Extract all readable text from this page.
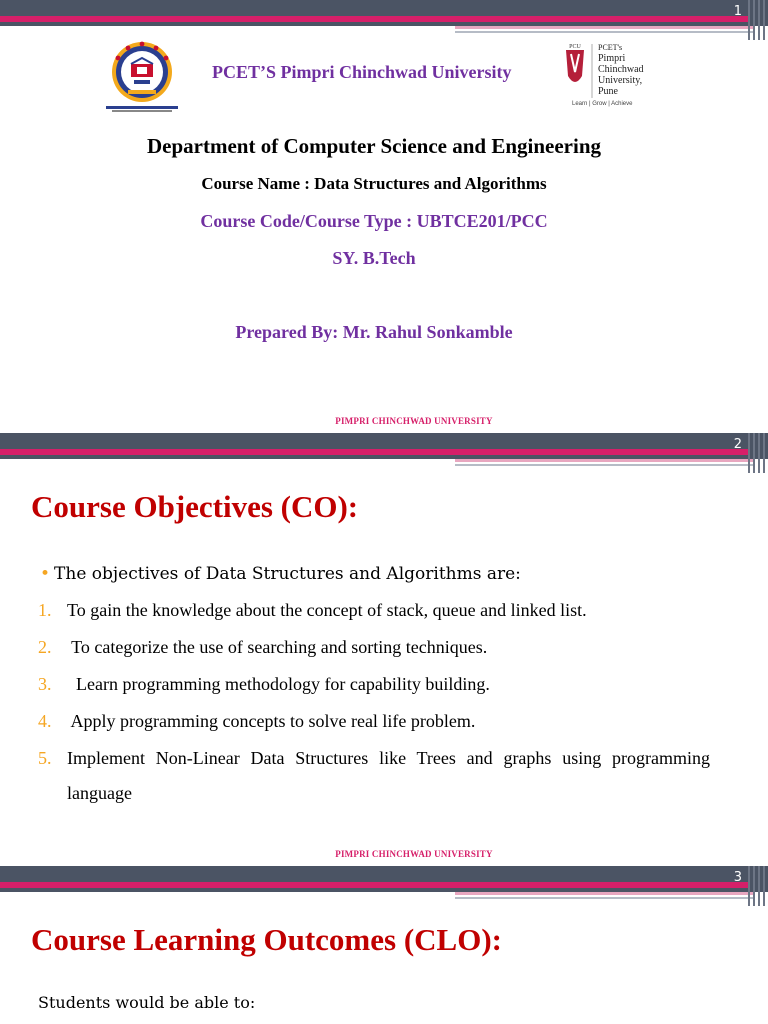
1
PCET’S Pimpri Chinchwad University
PCU	PCET's
Pimpri
Chinchwad
University, Pune
Learn | Grow | Achieve
Department of Computer Science and Engineering
Course Name : Data Structures and Algorithms
Course Code/Course Type : UBTCE201/PCC
SY. B.Tech
Prepared By: Mr. Rahul Sonkamble
PIMPRI CHINCHWAD UNIVERSITY
2
Course Objectives (CO):
• The objectives of Data Structures and Algorithms are:
1. To gain the knowledge about the concept of stack, queue and linked list.
2. To categorize the use of searching and sorting techniques.
3. Learn programming methodology for capability building.
4. Apply programming concepts to solve real life problem.
5. Implement Non-Linear Data Structures like Trees and graphs using programming language
PIMPRI CHINCHWAD UNIVERSITY
3
Course Learning Outcomes (CLO):
Students would be able to:
